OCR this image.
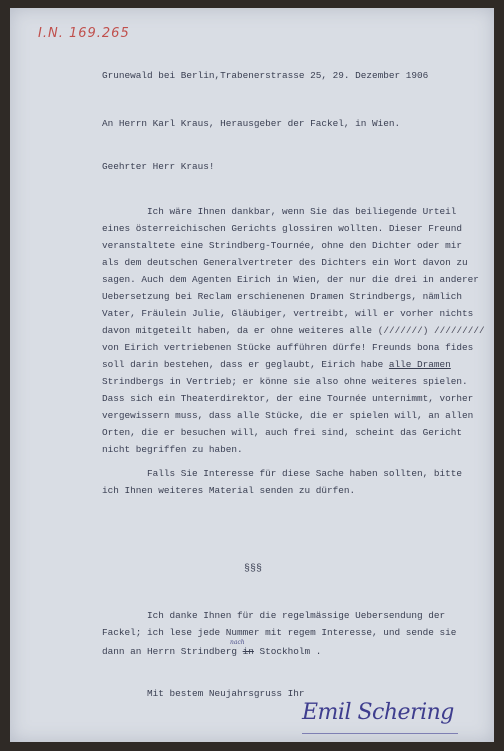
I.N. 169.265
Grunewald bei Berlin,Trabenerstrasse 25, 29. Dezember 1906
An Herrn Karl Kraus, Herausgeber der Fackel, in Wien.
Geehrter Herr Kraus!
Ich wäre Ihnen dankbar, wenn Sie das beiliegende Urteil
eines österreichischen Gerichts glossiren wollten. Dieser Freund
veranstaltete eine Strindberg-Tournée, ohne den Dichter oder mir
als dem deutschen Generalvertreter des Dichters ein Wort davon zu
sagen. Auch dem Agenten Eirich in Wien, der nur die drei in anderer
Uebersetzung bei Reclam erschienenen Dramen Strindbergs, nämlich
Vater, Fräulein Julie, Gläubiger, vertreibt, will er vorher nichts
davon mitgeteilt haben, da er ohne weiteres alle (///////) /////////
von Eirich vertriebenen Stücke aufführen dürfe! Freunds bona fides
soll darin bestehen, dass er geglaubt, Eirich habe alle Dramen
Strindbergs in Vertrieb; er könne sie also ohne weiteres spielen.
Dass sich ein Theaterdirektor, der eine Tournée unternimmt, vorher
vergewissern muss, dass alle Stücke, die er spielen will, an allen
Orten, die er besuchen will, auch frei sind, scheint das Gericht
nicht begriffen zu haben.
Falls Sie Interesse für diese Sache haben sollten, bitte
ich Ihnen weiteres Material senden zu dürfen.
§§§
Ich danke Ihnen für die regelmässige Uebersendung der
Fackel; ich lese jede Nummer mit regem Interesse, und sende sie
dann an Herrn Strindberg in Stockholm .
nach
Mit bestem Neujahrsgruss Ihr
Emil Schering
